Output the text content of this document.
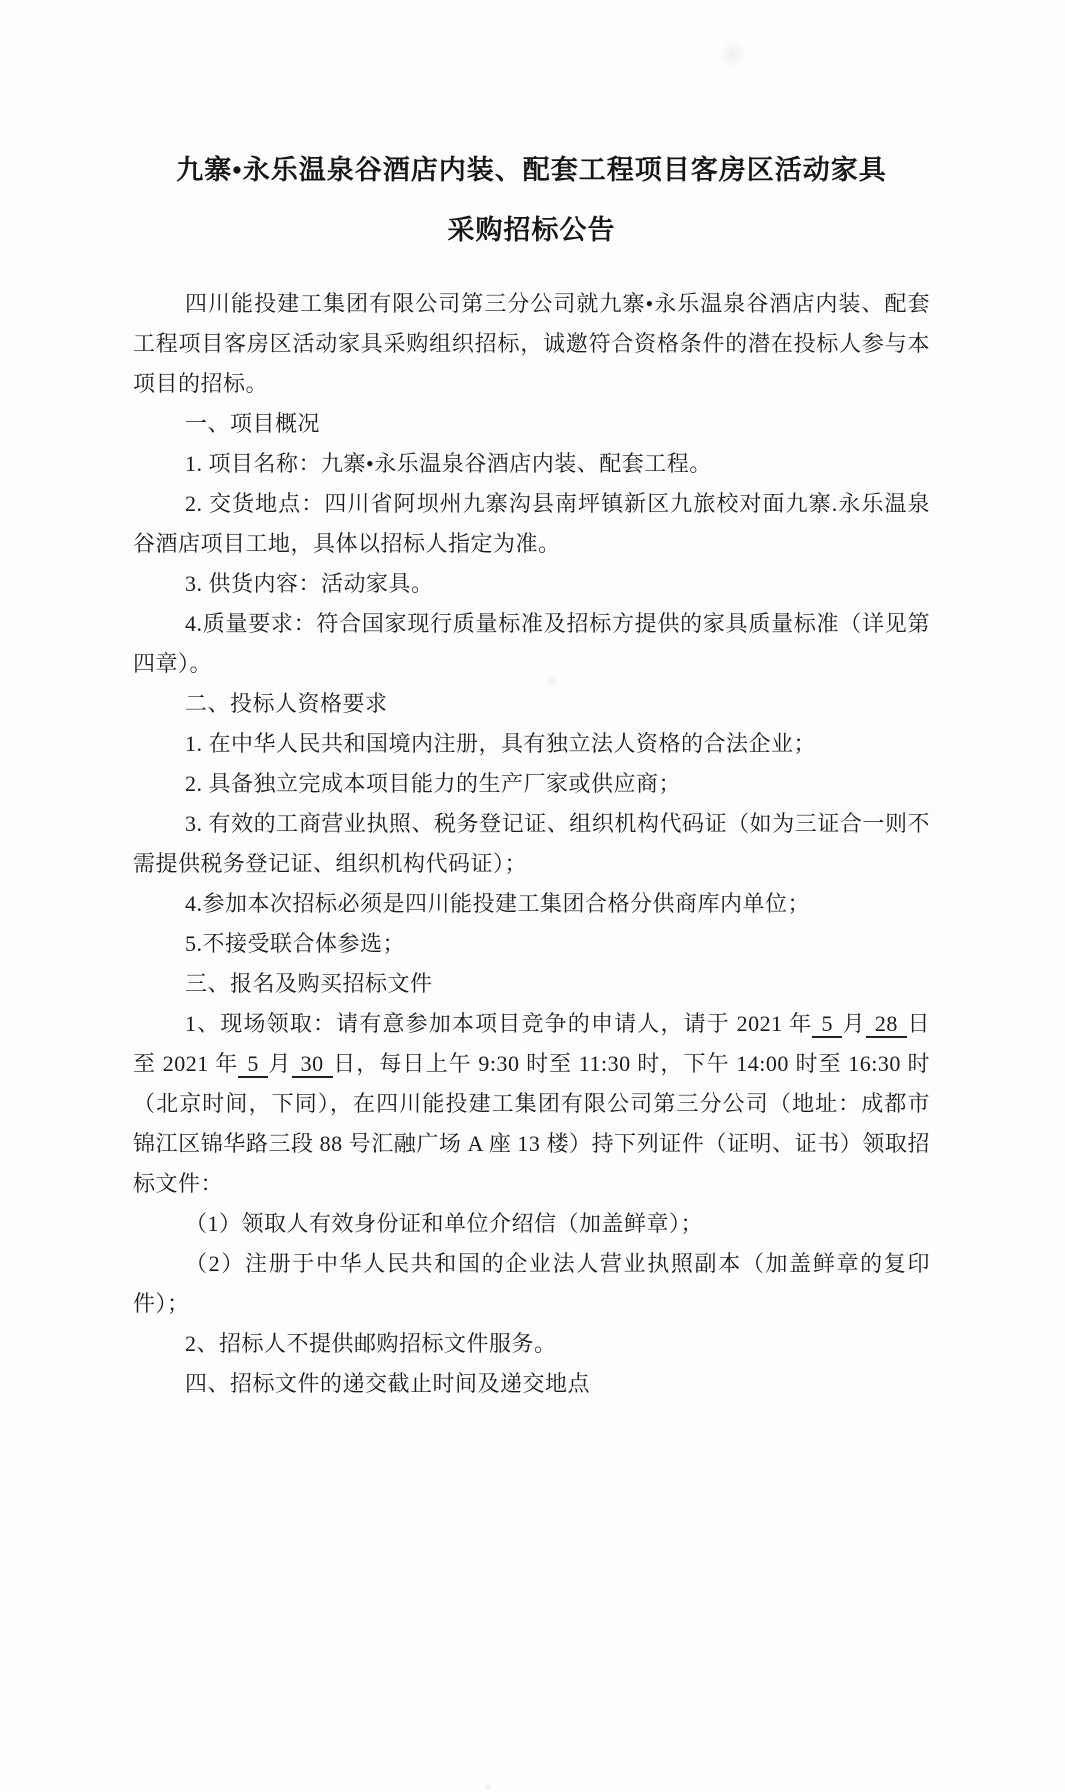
九寨•永乐温泉谷酒店内装、配套工程项目客房区活动家具
采购招标公告

四川能投建工集团有限公司第三分公司就九寨•永乐温泉谷酒店内装、配套工程项目客房区活动家具采购组织招标，诚邀符合资格条件的潜在投标人参与本项目的招标。

一、项目概况

1. 项目名称：九寨•永乐温泉谷酒店内装、配套工程。

2. 交货地点：四川省阿坝州九寨沟县南坪镇新区九旅校对面九寨.永乐温泉谷酒店项目工地，具体以招标人指定为准。

3. 供货内容：活动家具。

4.质量要求：符合国家现行质量标准及招标方提供的家具质量标准（详见第四章）。

二、投标人资格要求

1. 在中华人民共和国境内注册，具有独立法人资格的合法企业；

2. 具备独立完成本项目能力的生产厂家或供应商；

3. 有效的工商营业执照、税务登记证、组织机构代码证（如为三证合一则不需提供税务登记证、组织机构代码证）；

4.参加本次招标必须是四川能投建工集团合格分供商库内单位；

5.不接受联合体参选；

三、报名及购买招标文件

1、现场领取：请有意参加本项目竞争的申请人，请于 2021 年 5 月 28 日至 2021 年 5 月 30 日，每日上午 9:30 时至 11:30 时，下午 14:00 时至 16:30 时（北京时间，下同），在四川能投建工集团有限公司第三分公司（地址：成都市锦江区锦华路三段 88 号汇融广场 A 座 13 楼）持下列证件（证明、证书）领取招标文件：

（1）领取人有效身份证和单位介绍信（加盖鲜章）；

（2）注册于中华人民共和国的企业法人营业执照副本（加盖鲜章的复印件）；

2、招标人不提供邮购招标文件服务。

四、招标文件的递交截止时间及递交地点
